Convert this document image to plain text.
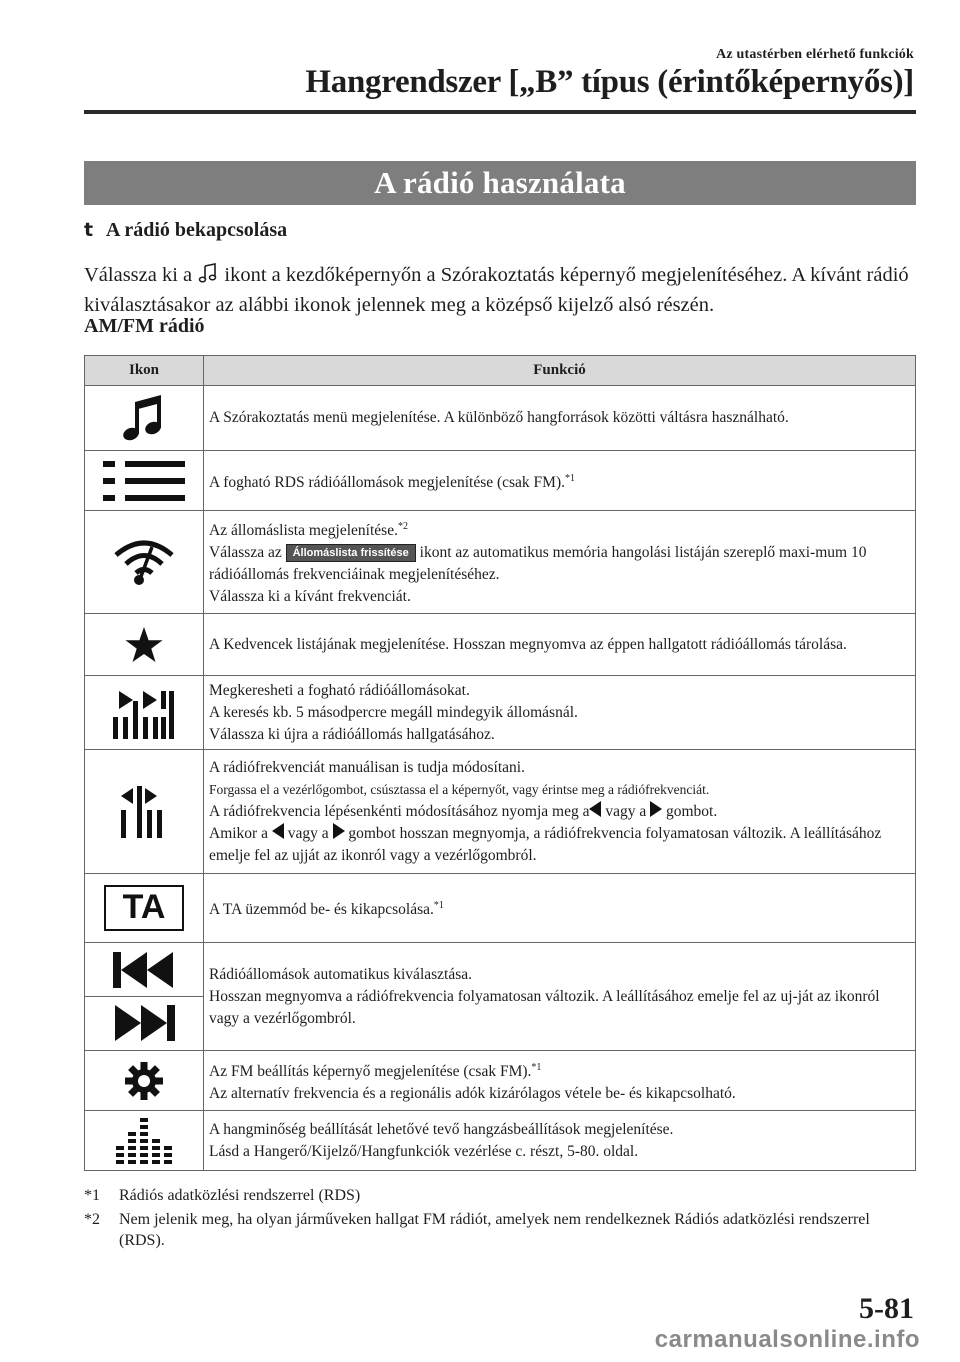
Az utastérben elérhető funkciók
Hangrendszer [„B” típus (érintőképernyős)]
A rádió használata
t A rádió bekapcsolása
Válassza ki a ikont a kezdőképernyőn a Szórakoztatás képernyő megjelenítéséhez. A kívánt rádió kiválasztásakor az alábbi ikonok jelennek meg a középső kijelző alsó részén.
AM/FM rádió
Ikon	Funkció

	A Szórakoztatás menü megjelenítése. A különböző hangforrások közötti váltásra használható.

	A fogható RDS rádióállomások megjelenítése (csak FM).$^{*1}$

Az állomáslista megjelenítése.$^{*2}$
Válassza az Állomáslista frissítése ikont az automatikus memória hangolási listáján szereplő maxi-mum 10 rádióállomás frekvenciáinak megjelenítéséhez.
Válassza ki a kívánt frekvenciát.

	A Kedvencek listájának megjelenítése. Hosszan megnyomva az éppen hallgatott rádióállomás tárolása.

Megkeresheti a fogható rádióállomásokat.
A keresés kb. 5 másodpercre megáll mindegyik állomásnál.
Válassza ki újra a rádióállomás hallgatásához.

A rádiófrekvenciát manuálisan is tudja módosítani.
Forgassa el a vezérlőgombot, csúsztassa el a képernyőt, vagy érintse meg a rádiófrekvenciát.
A rádiófrekvencia lépésenkénti módosításához nyomja meg a vagy a gombot.
Amikor a vagy a gombot hosszan megnyomja, a rádiófrekvencia folyamatosan változik. A leállításához emelje fel az ujját az ikonról vagy a vezérlőgombról.

TA	A TA üzemmód be- és kikapcsolása.$^{*1}$

Rádióállomások automatikus kiválasztása.
Hosszan megnyomva a rádiófrekvencia folyamatosan változik. A leállításához emelje fel az uj-ját az ikonról vagy a vezérlőgombról.

Az FM beállítás képernyő megjelenítése (csak FM).$^{*1}$
Az alternatív frekvencia és a regionális adók kizárólagos vétele be- és kikapcsolható.

A hangminőség beállítását lehetővé tevő hangzásbeállítások megjelenítése.
Lásd a Hangerő/Kijelző/Hangfunkciók vezérlése c. részt, 5-80. oldal.
*1	Rádiós adatközlési rendszerrel (RDS)
*2	Nem jelenik meg, ha olyan járműveken hallgat FM rádiót, amelyek nem rendelkeznek Rádiós adatközlési rendszerrel (RDS).
5-81
carmanualsonline.info
